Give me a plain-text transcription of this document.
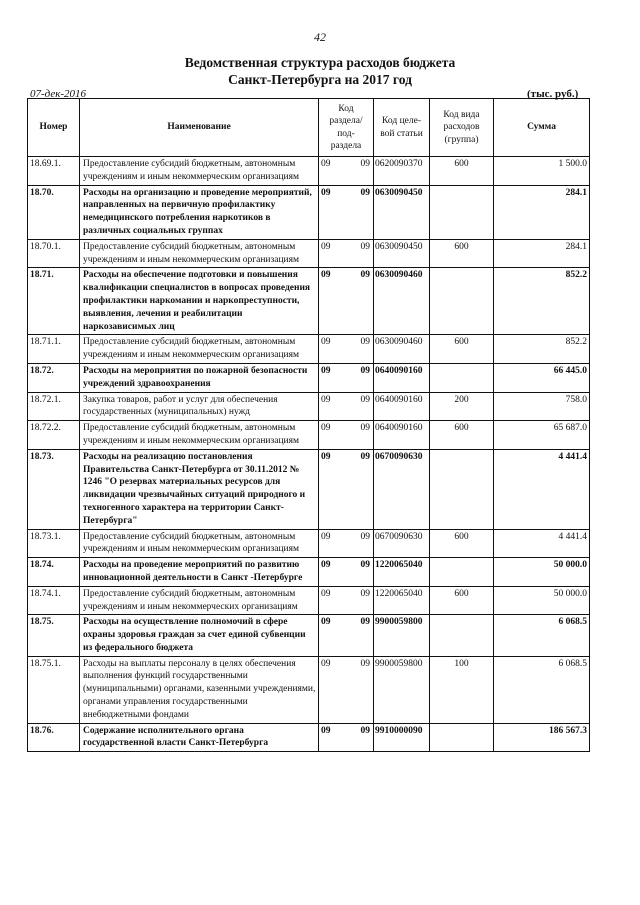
42
Ведомственная структура расходов бюджета
Санкт-Петербурга на 2017 год
07-дек-2016	(тыс. руб.)
Номер	Наименование	Код раздела/ под- раздела		Код целе- вой статьи	Код вида расходов (группа)	Сумма
18.69.1.	Предоставление субсидий бюджетным, автономным учреждениям и иным некоммерческим организациям	09	09	0620090370	600	1 500.0
18.70.	Расходы на организацию и проведение мероприятий, направленных на первичную профилактику немедицинского потребления наркотиков в различных социальных группах	09	09	0630090450		284.1
18.70.1.	Предоставление субсидий бюджетным, автономным учреждениям и иным некоммерческим организациям	09	09	0630090450	600	284.1
18.71.	Расходы на обеспечение подготовки и повышения квалификации специалистов в вопросах проведения профилактики наркомании и наркопреступности, выявления, лечения и реабилитации наркозависимых лиц	09	09	0630090460		852.2
18.71.1.	Предоставление субсидий бюджетным, автономным учреждениям и иным некоммерческим организациям	09	09	0630090460	600	852.2
18.72.	Расходы на мероприятия по пожарной безопасности учреждений здравоохранения	09	09	0640090160		66 445.0
18.72.1.	Закупка товаров, работ и услуг для обеспечения государственных (муниципальных) нужд	09	09	0640090160	200	758.0
18.72.2.	Предоставление субсидий бюджетным, автономным учреждениям и иным некоммерческим организациям	09	09	0640090160	600	65 687.0
18.73.	Расходы на реализацию постановления Правительства Санкт-Петербурга от 30.11.2012 № 1246 "О резервах материальных ресурсов для ликвидации чрезвычайных ситуаций природного и техногенного характера на территории Санкт-Петербурга"	09	09	0670090630		4 441.4
18.73.1.	Предоставление субсидий бюджетным, автономным учреждениям и иным некоммерческим организациям	09	09	0670090630	600	4 441.4
18.74.	Расходы на проведение мероприятий по развитию инновационной деятельности в Санкт -Петербурге	09	09	1220065040		50 000.0
18.74.1.	Предоставление субсидий бюджетным, автономным учреждениям и иным некоммерческих организациям	09	09	1220065040	600	50 000.0
18.75.	Расходы на осуществление полномочий в сфере охраны здоровья граждан за счет единой субвенции из федерального бюджета	09	09	9900059800		6 068.5
18.75.1.	Расходы на выплаты персоналу в целях обеспечения выполнения функций государственными (муниципальными) органами, казенными учреждениями, органами управления государственными внебюджетными фондами	09	09	9900059800	100	6 068.5
18.76.	Содержание исполнительного органа государственной власти Санкт-Петербурга	09	09	9910000090		186 567.3
